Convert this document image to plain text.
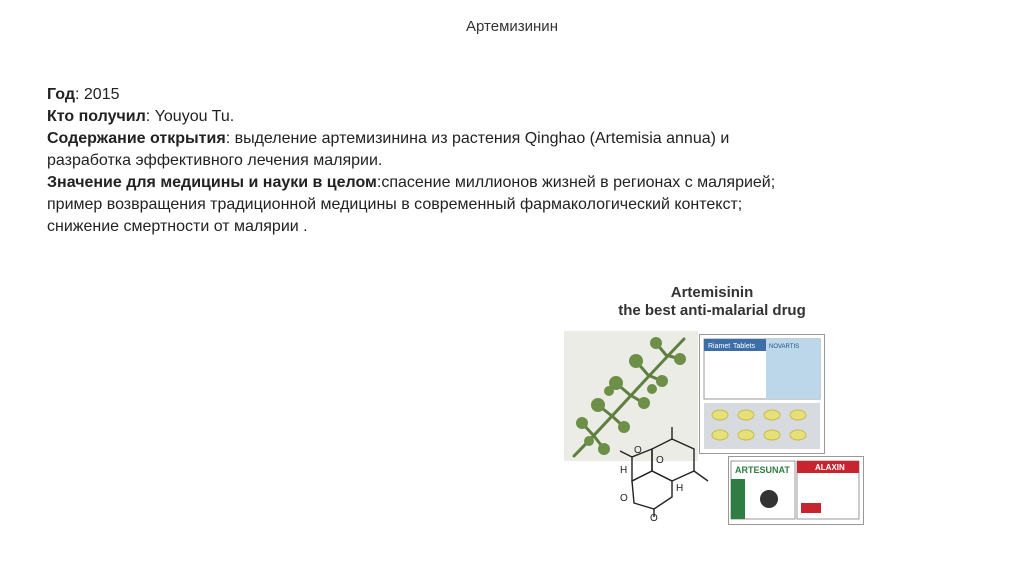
Артемизинин

Год: 2015

Кто получил: Youyou Tu.

Содержание открытия: выделение артемизинина из растения Qinghao (Artemisia annua) и разработка эффективного лечения малярии.

Значение для медицины и науки в целом:спасение миллионов жизней в регионах с малярией; пример возвращения традиционной медицины в современный фармакологический контекст; снижение смертности от малярии .

Artemisinin
the best anti-malarial drug
O
O
H
H
O
O
Riamet Tablets NOVARTIS
ARTESUNAT	ALAXIN
